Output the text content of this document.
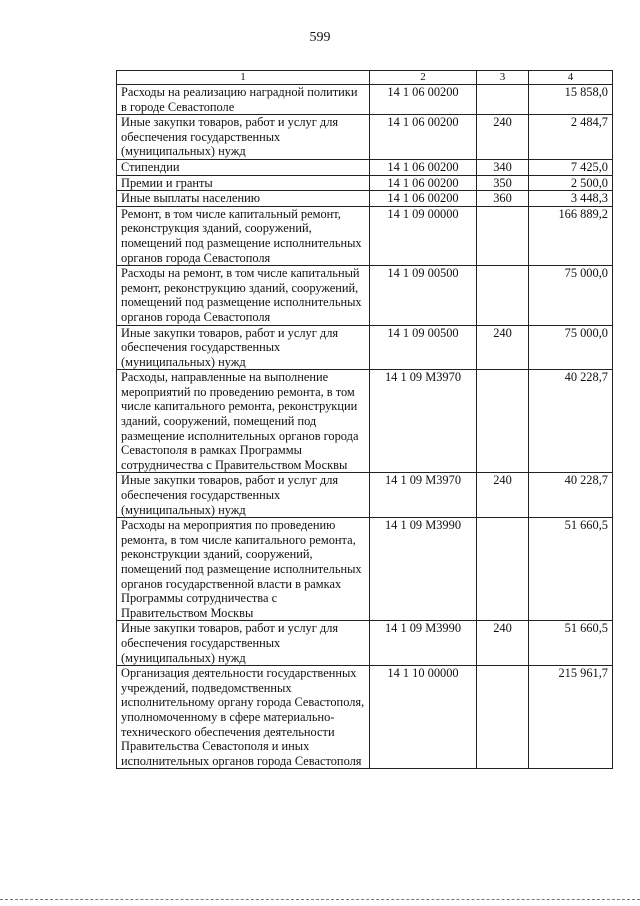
599
1	2	3	4
Расходы на реализацию наградной политики в городе Севастополе	14 1 06 00200		15 858,0
Иные закупки товаров, работ и услуг для обеспечения государственных (муниципальных) нужд	14 1 06 00200	240	2 484,7
Стипендии	14 1 06 00200	340	7 425,0
Премии и гранты	14 1 06 00200	350	2 500,0
Иные выплаты населению	14 1 06 00200	360	3 448,3
Ремонт, в том числе капитальный ремонт, реконструкция зданий, сооружений, помещений под размещение исполнительных органов города Севастополя	14 1 09 00000		166 889,2
Расходы на ремонт, в том числе капитальный ремонт, реконструкцию зданий, сооружений, помещений под размещение исполнительных органов города Севастополя	14 1 09 00500		75 000,0
Иные закупки товаров, работ и услуг для обеспечения государственных (муниципальных) нужд	14 1 09 00500	240	75 000,0
Расходы, направленные на выполнение мероприятий по проведению ремонта, в том числе капитального ремонта, реконструкции зданий, сооружений, помещений под размещение исполнительных органов города Севастополя в рамках Программы сотрудничества с Правительством Москвы	14 1 09 М3970		40 228,7
Иные закупки товаров, работ и услуг для обеспечения государственных (муниципальных) нужд	14 1 09 М3970	240	40 228,7
Расходы на мероприятия по проведению ремонта, в том числе капитального ремонта, реконструкции зданий, сооружений, помещений под размещение исполнительных органов государственной власти в рамках Программы сотрудничества с Правительством Москвы	14 1 09 М3990		51 660,5
Иные закупки товаров, работ и услуг для обеспечения государственных (муниципальных) нужд	14 1 09 М3990	240	51 660,5
Организация деятельности государственных учреждений, подведомственных исполнительному органу города Севастополя, уполномоченному в сфере материально-технического обеспечения деятельности Правительства Севастополя и иных исполнительных органов города Севастополя	14 1 10 00000		215 961,7
